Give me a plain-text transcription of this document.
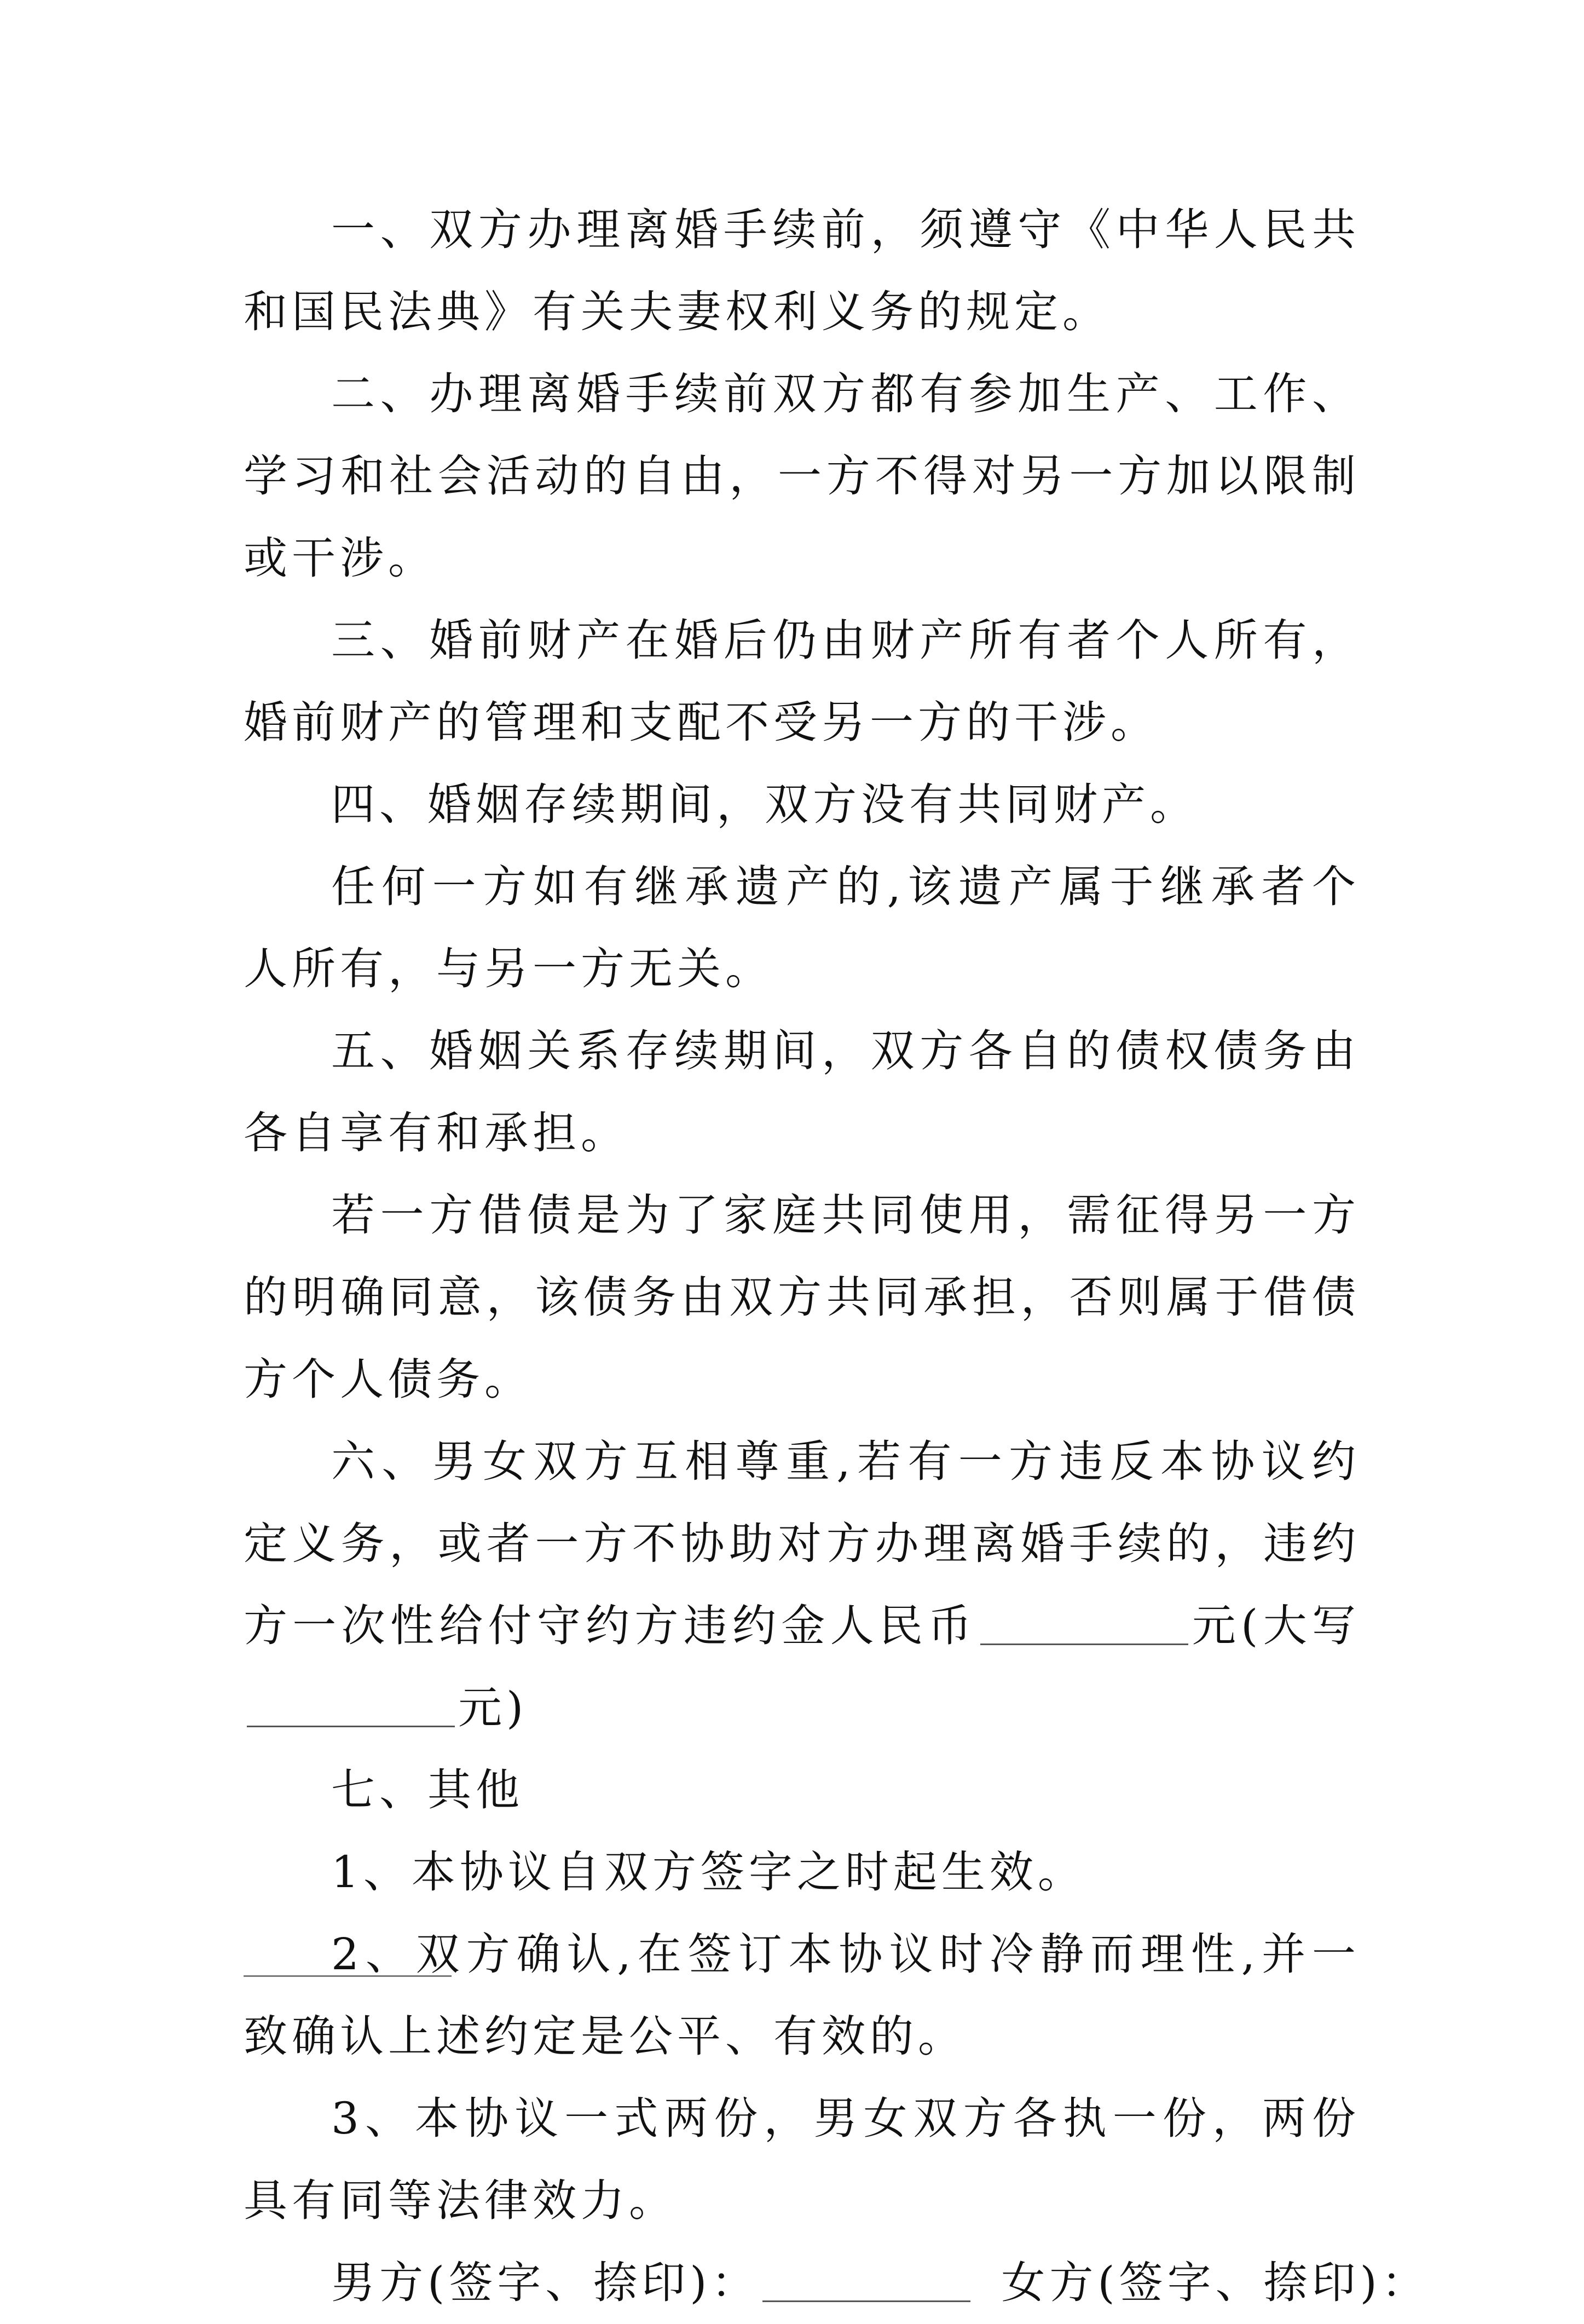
一、双方办理离婚手续前，须遵守《中华人民共和国民法典》有关夫妻权利义务的规定。

二、办理离婚手续前双方都有参加生产、工作、学习和社会活动的自由，一方不得对另一方加以限制或干涉。

三、婚前财产在婚后仍由财产所有者个人所有，婚前财产的管理和支配不受另一方的干涉。

四、婚姻存续期间，双方没有共同财产。

任何一方如有继承遗产的,该遗产属于继承者个人所有，与另一方无关。

五、婚姻关系存续期间，双方各自的债权债务由各自享有和承担。

若一方借债是为了家庭共同使用，需征得另一方的明确同意，该债务由双方共同承担，否则属于借债方个人债务。

六、男女双方互相尊重,若有一方违反本协议约定义务，或者一方不协助对方办理离婚手续的，违约方一次性给付守约方违约金人民币	元(大写元)

七、其他

1、本协议自双方签字之时起生效。

2、双方确认,在签订本协议时冷静而理性,并一致确认上述约定是公平、有效的。

3、本协议一式两份，男女双方各执一份，两份具有同等法律效力。

男方(签字、捺印)：	女方(签字、捺印)：
